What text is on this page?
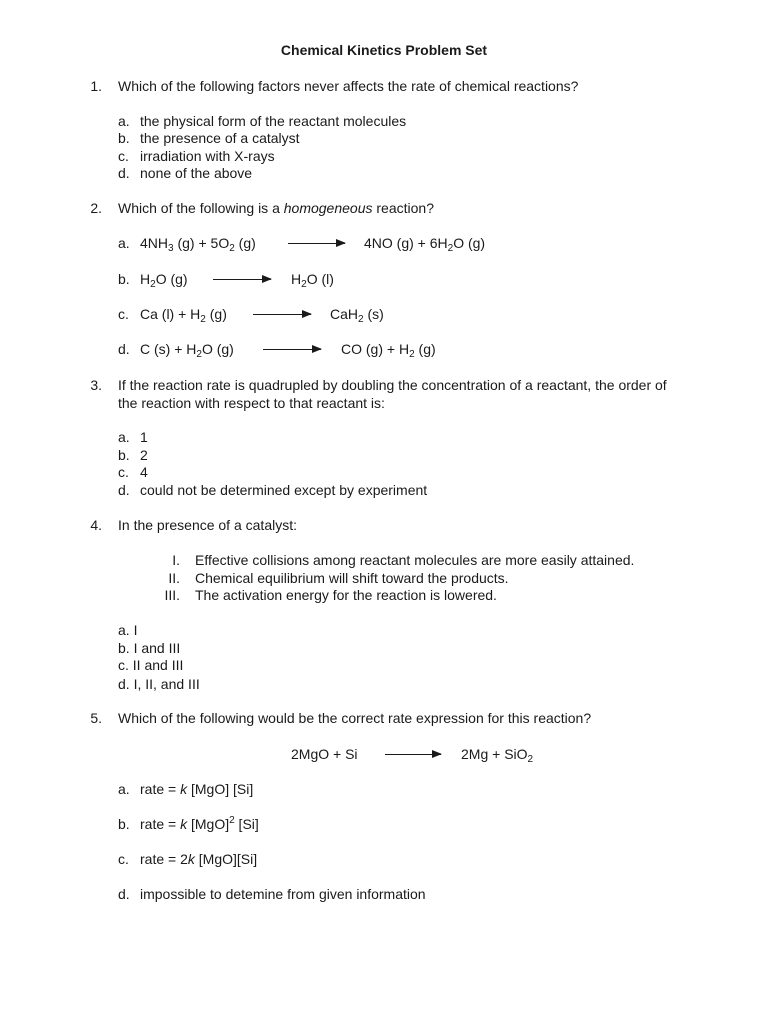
Chemical Kinetics Problem Set
1. Which of the following factors never affects the rate of chemical reactions?
a. the physical form of the reactant molecules
b. the presence of a catalyst
c. irradiation with X-rays
d. none of the above
2. Which of the following is a homogeneous reaction?
a. $4NH_3$ $(g) + 5O_2$ (g)	4NO $(g) + 6H_2O$ (g)
b. $H_2O$ (g)	$H_2O$ (l)
c. Ca $(l) + H_2$ (g)	CaH$_2$ (s)
d. C $(s) + H_2O$ (g)	CO $(g) + H_2$ (g)
3. If the reaction rate is quadrupled by doubling the concentration of a reactant, the order of
the reaction with respect to that reactant is:
a. 1
b. 2
c. 4
d. could not be determined except by experiment
4. In the presence of a catalyst:
I. Effective collisions among reactant molecules are more easily attained.
II. Chemical equilibrium will shift toward the products.
III. The activation energy for the reaction is lowered.
a. I
b. I and III
c. II and III
d. I, II, and III
5. Which of the following would be the correct rate expression for this reaction?
2MgO + Si → 2Mg + SiO$_2$
a. rate = k [MgO] [Si]
b. rate = k [MgO]$^2$ [Si]
c. rate = 2k [MgO][Si]
d. impossible to detemine from given information
